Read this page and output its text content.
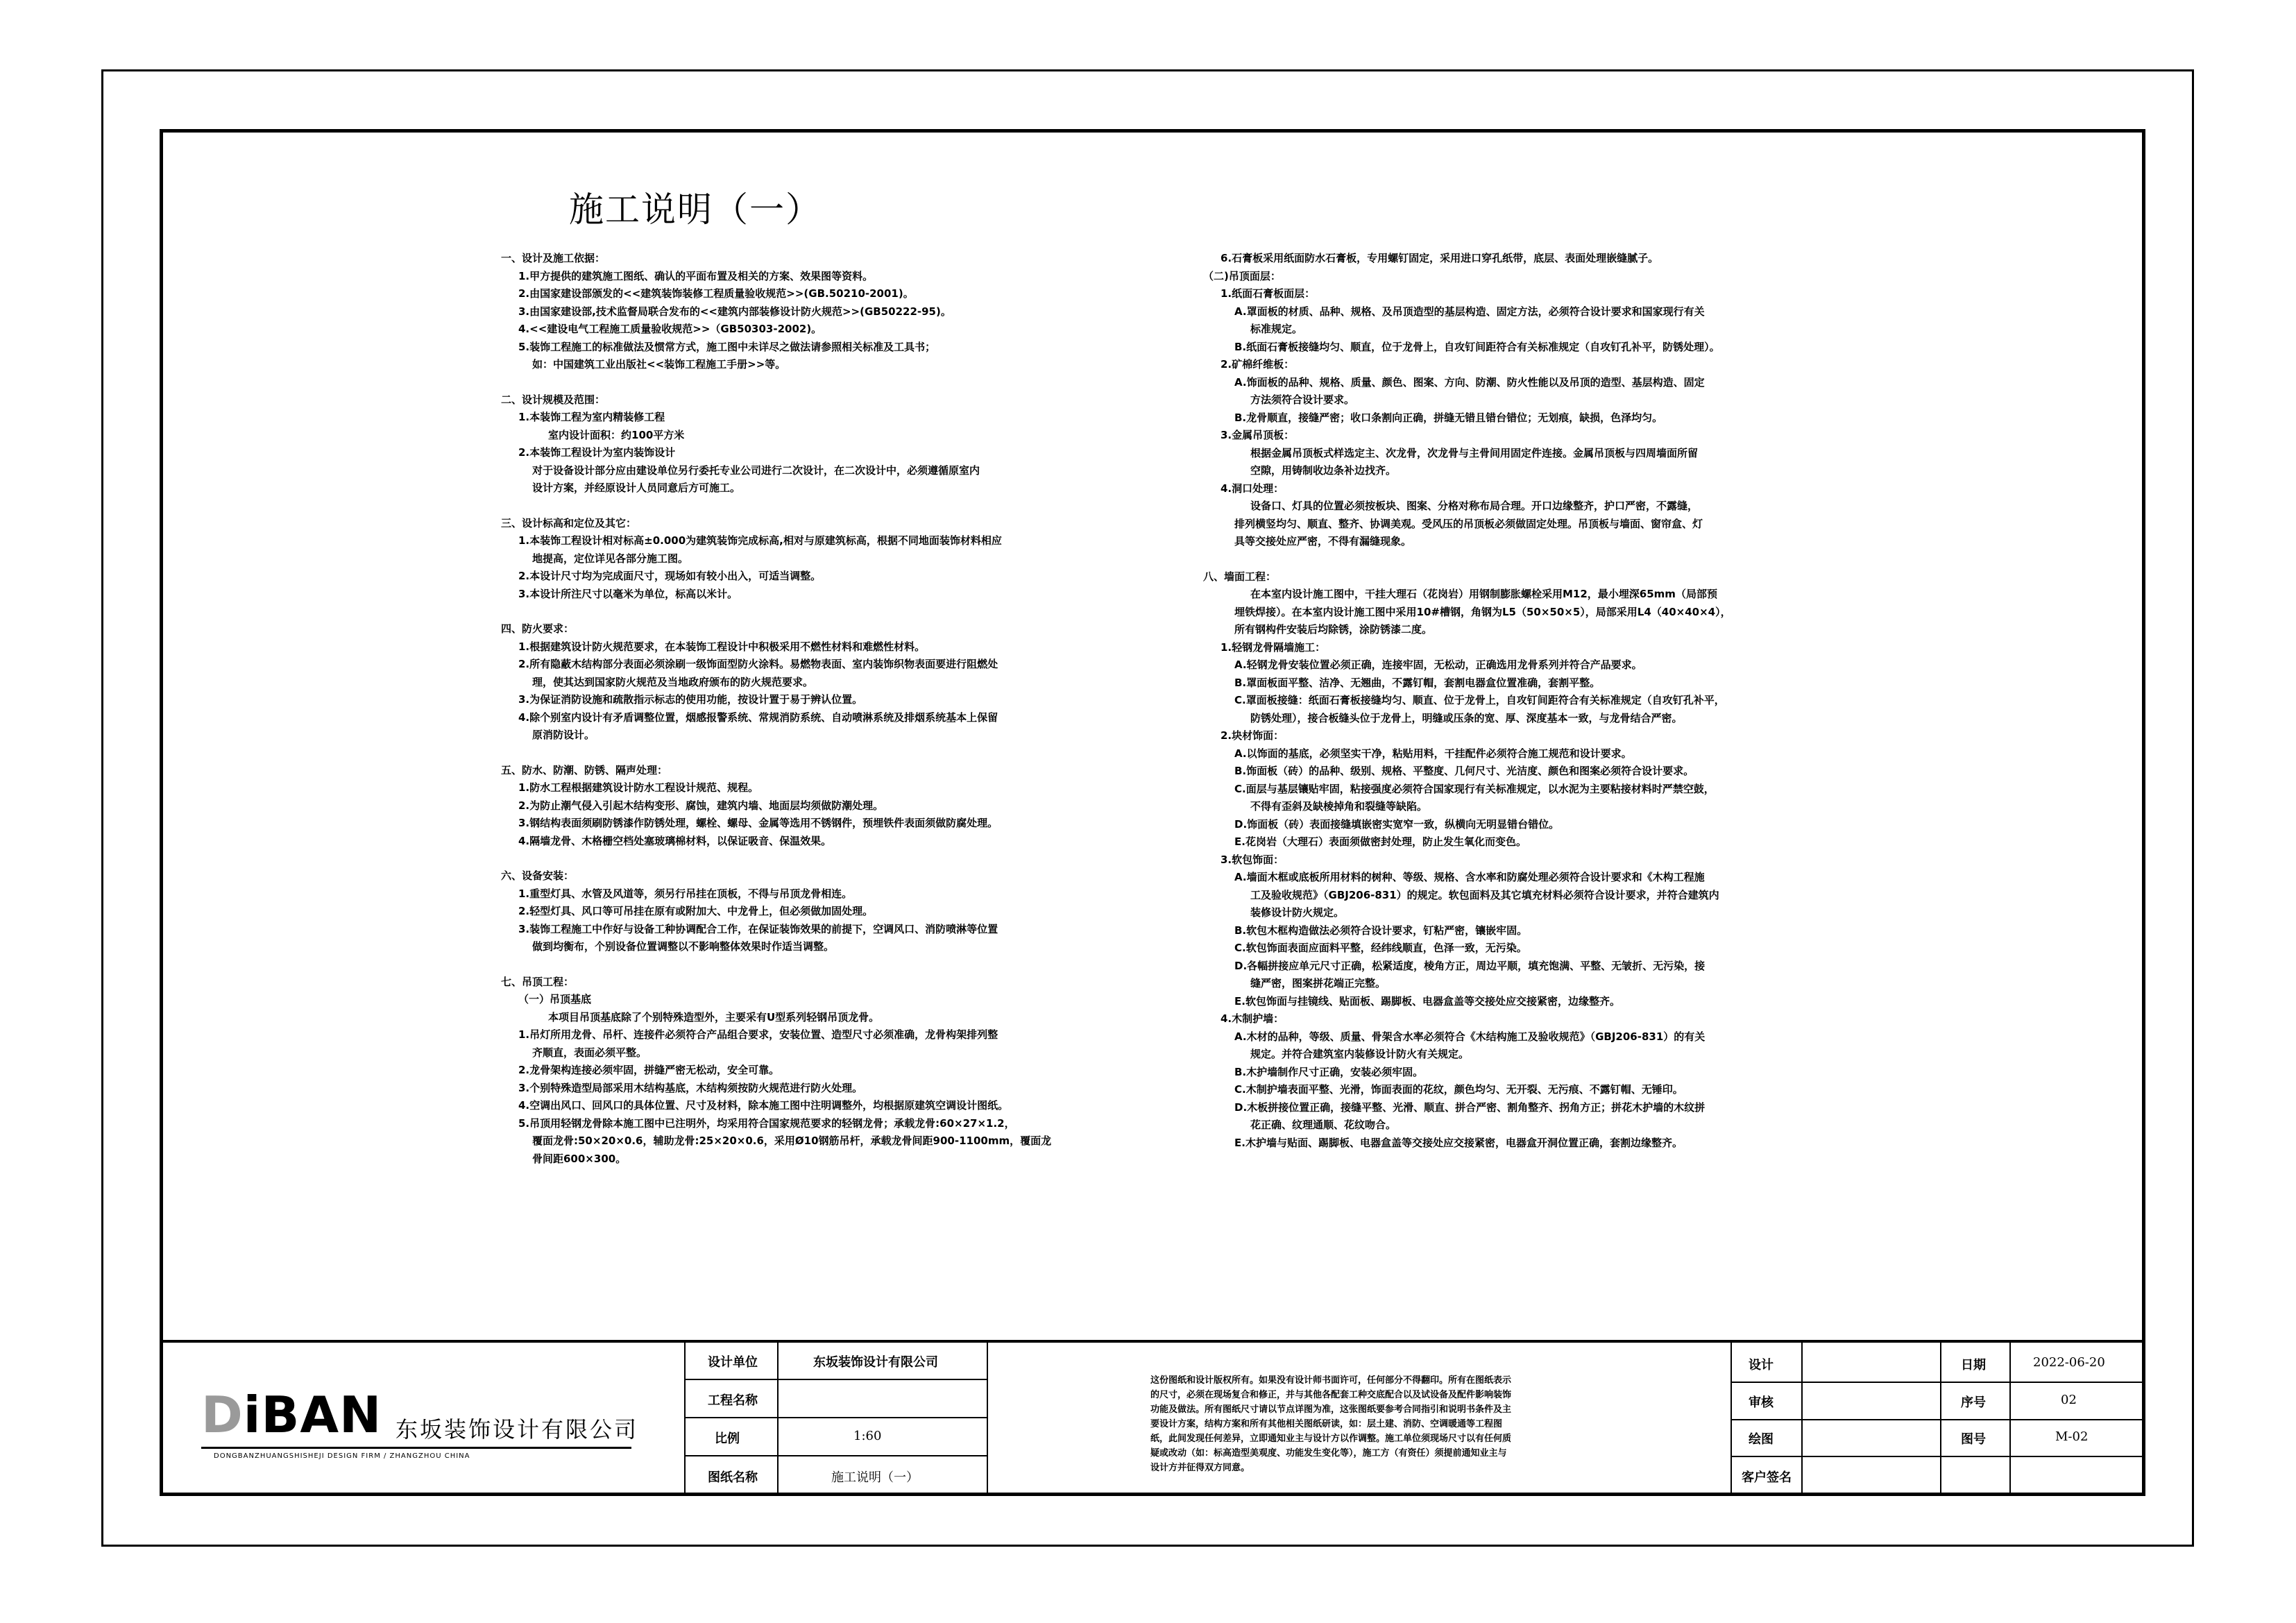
施工说明（一）
一、设计及施工依据：
1.甲方提供的建筑施工图纸、确认的平面布置及相关的方案、效果图等资料。
2.由国家建设部颁发的<<建筑装饰装修工程质量验收规范>>(GB.50210-2001)。
3.由国家建设部,技术监督局联合发布的<<建筑内部装修设计防火规范>>(GB50222-95)。
4.<<建设电气工程施工质量验收规范>>（GB50303-2002)。
5.装饰工程施工的标准做法及惯常方式，施工图中未详尽之做法请参照相关标准及工具书；
如：中国建筑工业出版社<<装饰工程施工手册>>等。
二、设计规模及范围：
1.本装饰工程为室内精装修工程
室内设计面积：约100平方米
2.本装饰工程设计为室内装饰设计
对于设备设计部分应由建设单位另行委托专业公司进行二次设计，在二次设计中，必须遵循原室内
设计方案，并经原设计人员同意后方可施工。
三、设计标高和定位及其它：
1.本装饰工程设计相对标高±0.000为建筑装饰完成标高,相对与原建筑标高，根据不同地面装饰材料相应
地提高，定位详见各部分施工图。
2.本设计尺寸均为完成面尺寸，现场如有较小出入，可适当调整。
3.本设计所注尺寸以毫米为单位，标高以米计。
四、防火要求：
1.根据建筑设计防火规范要求，在本装饰工程设计中积极采用不燃性材料和难燃性材料。
2.所有隐蔽木结构部分表面必须涂刷一级饰面型防火涂料。易燃物表面、室内装饰织物表面要进行阻燃处
理，使其达到国家防火规范及当地政府颁布的防火规范要求。
3.为保证消防设施和疏散指示标志的使用功能，按设计置于易于辨认位置。
4.除个别室内设计有矛盾调整位置，烟感报警系统、常规消防系统、自动喷淋系统及排烟系统基本上保留
原消防设计。
五、防水、防潮、防锈、隔声处理：
1.防水工程根据建筑设计防水工程设计规范、规程。
2.为防止潮气侵入引起木结构变形、腐蚀，建筑内墙、地面层均须做防潮处理。
3.钢结构表面须刷防锈漆作防锈处理，螺栓、螺母、金属等选用不锈钢件，预埋铁件表面须做防腐处理。
4.隔墙龙骨、木格栅空档处塞玻璃棉材料，以保证吸音、保温效果。
六、设备安装：
1.重型灯具、水管及风道等，须另行吊挂在顶板，不得与吊顶龙骨相连。
2.轻型灯具、风口等可吊挂在原有或附加大、中龙骨上，但必须做加固处理。
3.装饰工程施工中作好与设备工种协调配合工作，在保证装饰效果的前提下，空调风口、消防喷淋等位置
做到均衡布，个别设备位置调整以不影响整体效果时作适当调整。
七、吊顶工程：
（一）吊顶基底
本项目吊顶基底除了个别特殊造型外，主要采有U型系列轻钢吊顶龙骨。
1.吊灯所用龙骨、吊杆、连接件必须符合产品组合要求，安装位置、造型尺寸必须准确，龙骨构架排列整
齐顺直，表面必须平整。
2.龙骨架构连接必须牢固，拼缝严密无松动，安全可靠。
3.个别特殊造型局部采用木结构基底，木结构须按防火规范进行防火处理。
4.空调出风口、回风口的具体位置、尺寸及材料，除本施工图中注明调整外，均根据原建筑空调设计图纸。
5.吊顶用轻钢龙骨除本施工图中已注明外，均采用符合国家规范要求的轻钢龙骨；承载龙骨:60×27×1.2，
覆面龙骨:50×20×0.6，辅助龙骨:25×20×0.6，采用Ø10钢筋吊杆，承载龙骨间距900-1100mm，覆面龙
骨间距600×300。
6.石膏板采用纸面防水石膏板，专用螺钉固定，采用进口穿孔纸带，底层、表面处理嵌缝腻子。
（二)吊顶面层：
1.纸面石膏板面层：
A.罩面板的材质、品种、规格、及吊顶造型的基层构造、固定方法，必须符合设计要求和国家现行有关
标准规定。
B.纸面石膏板接缝均匀、顺直，位于龙骨上，自攻钉间距符合有关标准规定（自攻钉孔补平，防锈处理）。
2.矿棉纤维板：
A.饰面板的品种、规格、质量、颜色、图案、方向、防潮、防火性能以及吊顶的造型、基层构造、固定
方法须符合设计要求。
B.龙骨顺直，接缝严密；收口条割向正确，拼缝无错且错台错位；无划痕，缺损，色泽均匀。
3.金属吊顶板：
根据金属吊顶板式样选定主、次龙骨，次龙骨与主骨间用固定件连接。金属吊顶板与四周墙面所留
空隙，用铸制收边条补边找齐。
4.洞口处理：
设备口、灯具的位置必须按板块、图案、分格对称布局合理。开口边缘整齐，护口严密，不露缝，
排列横竖均匀、顺直、整齐、协调美观。受风压的吊顶板必须做固定处理。吊顶板与墙面、窗帘盒、灯
具等交接处应严密，不得有漏缝现象。
八、墙面工程：
在本室内设计施工图中，干挂大理石（花岗岩）用钢制膨胀螺栓采用M12，最小埋深65mm（局部预
埋铁焊接）。在本室内设计施工图中采用10#槽钢，角钢为L5（50×50×5），局部采用L4（40×40×4），
所有钢构件安装后均除锈，涂防锈漆二度。
1.轻钢龙骨隔墙施工：
A.轻钢龙骨安装位置必须正确，连接牢固，无松动，正确选用龙骨系列并符合产品要求。
B.罩面板面平整、洁净、无翘曲，不露钉帽，套割电器盒位置准确，套割平整。
C.罩面板接缝：纸面石膏板接缝均匀、顺直、位于龙骨上，自攻钉间距符合有关标准规定（自攻钉孔补平，
防锈处理），接合板缝头位于龙骨上，明缝或压条的宽、厚、深度基本一致，与龙骨结合严密。
2.块材饰面：
A.以饰面的基底，必须坚实干净，粘贴用料，干挂配件必须符合施工规范和设计要求。
B.饰面板（砖）的品种、级别、规格、平整度、几何尺寸、光洁度、颜色和图案必须符合设计要求。
C.面层与基层镶贴牢固，粘接强度必须符合国家现行有关标准规定，以水泥为主要粘接材料时严禁空鼓，
不得有歪斜及缺棱掉角和裂缝等缺陷。
D.饰面板（砖）表面接缝填嵌密实宽窄一致，纵横向无明显错台错位。
E.花岗岩（大理石）表面须做密封处理，防止发生氧化而变色。
3.软包饰面：
A.墙面木框或底板所用材料的树种、等级、规格、含水率和防腐处理必须符合设计要求和《木构工程施
工及验收规范》（GBJ206-831）的规定。软包面料及其它填充材料必须符合设计要求，并符合建筑内
装修设计防火规定。
B.软包木框构造做法必须符合设计要求，钉粘严密，镶嵌牢固。
C.软包饰面表面应面料平整，经纬线顺直，色泽一致，无污染。
D.各幅拼接应单元尺寸正确，松紧适度，棱角方正，周边平顺，填充饱满、平整、无皱折、无污染，接
缝严密，图案拼花端正完整。
E.软包饰面与挂镜线、贴面板、踢脚板、电器盒盖等交接处应交接紧密，边缘整齐。
4.木制护墙：
A.木材的品种，等级、质量、骨架含水率必须符合《木结构施工及验收规范》（GBJ206-831）的有关
规定。并符合建筑室内装修设计防火有关规定。
B.木护墙制作尺寸正确，安装必须牢固。
C.木制护墙表面平整、光滑，饰面表面的花纹，颜色均匀、无开裂、无污痕、不露钉帽、无锤印。
D.木板拼接位置正确，接缝平整、光滑、顺直、拼合严密、割角整齐、拐角方正；拼花木护墙的木纹拼
花正确、纹理通顺、花纹吻合。
E.木护墙与贴面、踢脚板、电器盒盖等交接处应交接紧密，电器盒开洞位置正确，套割边缘整齐。
DiBAN 东坂装饰设计有限公司
DONGBANZHUANGSHISHEJI DESIGN FIRM / ZHANGZHOU CHINA
设计单位
工程名称
比例
图纸名称
东坂装饰设计有限公司
1:60
施工说明（一）
这份图纸和设计版权所有。如果没有设计师书面许可，任何部分不得翻印。所有在图纸表示的尺寸，必须在现场复合和修正，并与其他各配套工种交底配合以及试设备及配件影响装饰功能及做法。所有图纸尺寸请以节点详图为准，这张图纸要参考合同指引和说明书条件及主要设计方案，结构方案和所有其他相关图纸研读，如：层土建、消防、空调暖通等工程图纸，此间发现任何差异，立即通知业主与设计方以作调整。施工单位须现场尺寸以有任何质疑或改动（如：标高造型美观度、功能发生变化等），施工方（有资任）须提前通知业主与设计方并征得双方同意。
设计
审核
绘图
客户签名
日期
序号
图号
2022-06-20
02
M-02
